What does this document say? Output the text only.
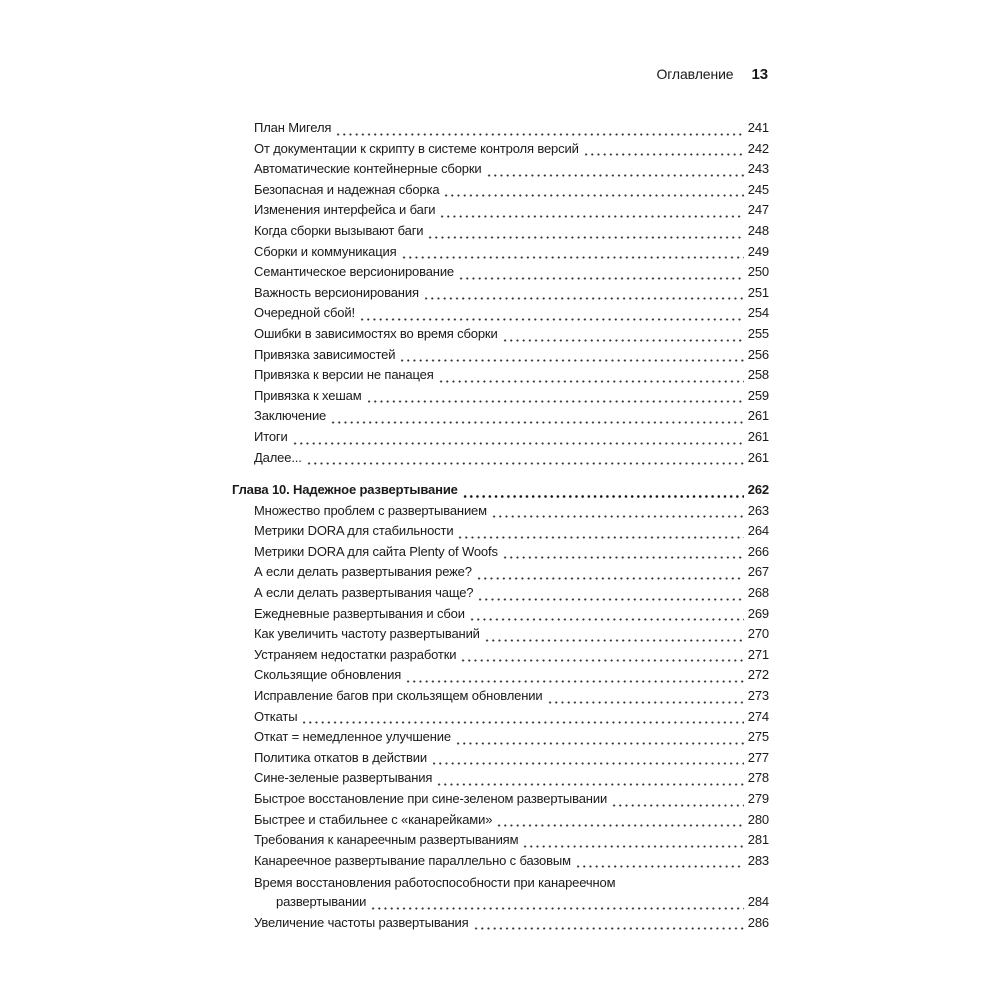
Оглавление 13
План Мигеля	241
От документации к скрипту в системе контроля версий	242
Автоматические контейнерные сборки	243
Безопасная и надежная сборка	245
Изменения интерфейса и баги	247
Когда сборки вызывают баги	248
Сборки и коммуникация	249
Семантическое версионирование	250
Важность версионирования	251
Очередной сбой!	254
Ошибки в зависимостях во время сборки	255
Привязка зависимостей	256
Привязка к версии не панацея	258
Привязка к хешам	259
Заключение	261
Итоги	261
Далее...	261
Глава 10. Надежное развертывание	262
Множество проблем с развертыванием	263
Метрики DORA для стабильности	264
Метрики DORA для сайта Plenty of Woofs	266
А если делать развертывания реже?	267
А если делать развертывания чаще?	268
Ежедневные развертывания и сбои	269
Как увеличить частоту развертываний	270
Устраняем недостатки разработки	271
Скользящие обновления	272
Исправление багов при скользящем обновлении	273
Откаты	274
Откат = немедленное улучшение	275
Политика откатов в действии	277
Сине-зеленые развертывания	278
Быстрое восстановление при сине-зеленом развертывании	279
Быстрее и стабильнее с «канарейками»	280
Требования к канареечным развертываниям	281
Канареечное развертывание параллельно с базовым	283
Время восстановления работоспособности при канареечном
развертывании	284
Увеличение частоты развертывания	286
